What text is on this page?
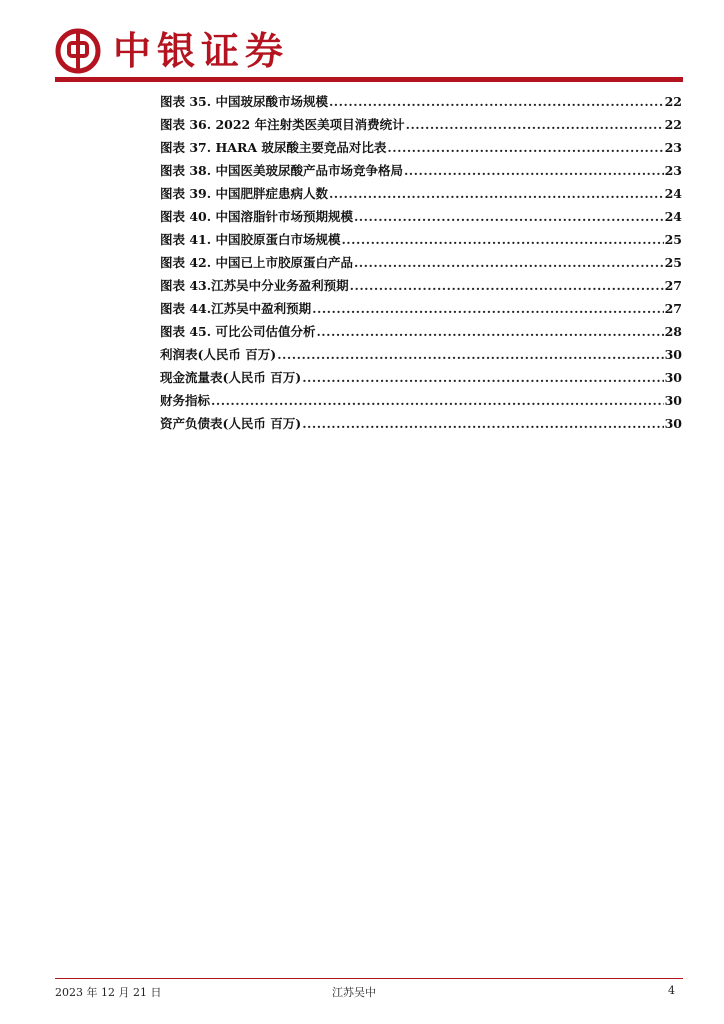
中银证券
图表 35. 中国玻尿酸市场规模 .....	22
图表 36. 2022 年注射类医美项目消费统计 .....	22
图表 37. HARA 玻尿酸主要竞品对比表 .....	23
图表 38. 中国医美玻尿酸产品市场竞争格局 .....	23
图表 39. 中国肥胖症患病人数 .....	24
图表 40. 中国溶脂针市场预期规模 .....	24
图表 41. 中国胶原蛋白市场规模 .....	25
图表 42. 中国已上市胶原蛋白产品 .....	25
图表 43.江苏吴中分业务盈利预期 .....	27
图表 44.江苏吴中盈利预期 .....	27
图表 45. 可比公司估值分析 .....	28
利润表(人民币 百万) .....	30
现金流量表(人民币 百万) .....	30
财务指标 .....	30
资产负债表(人民币 百万) .....	30
2023 年 12 月 21 日	江苏吴中	4
